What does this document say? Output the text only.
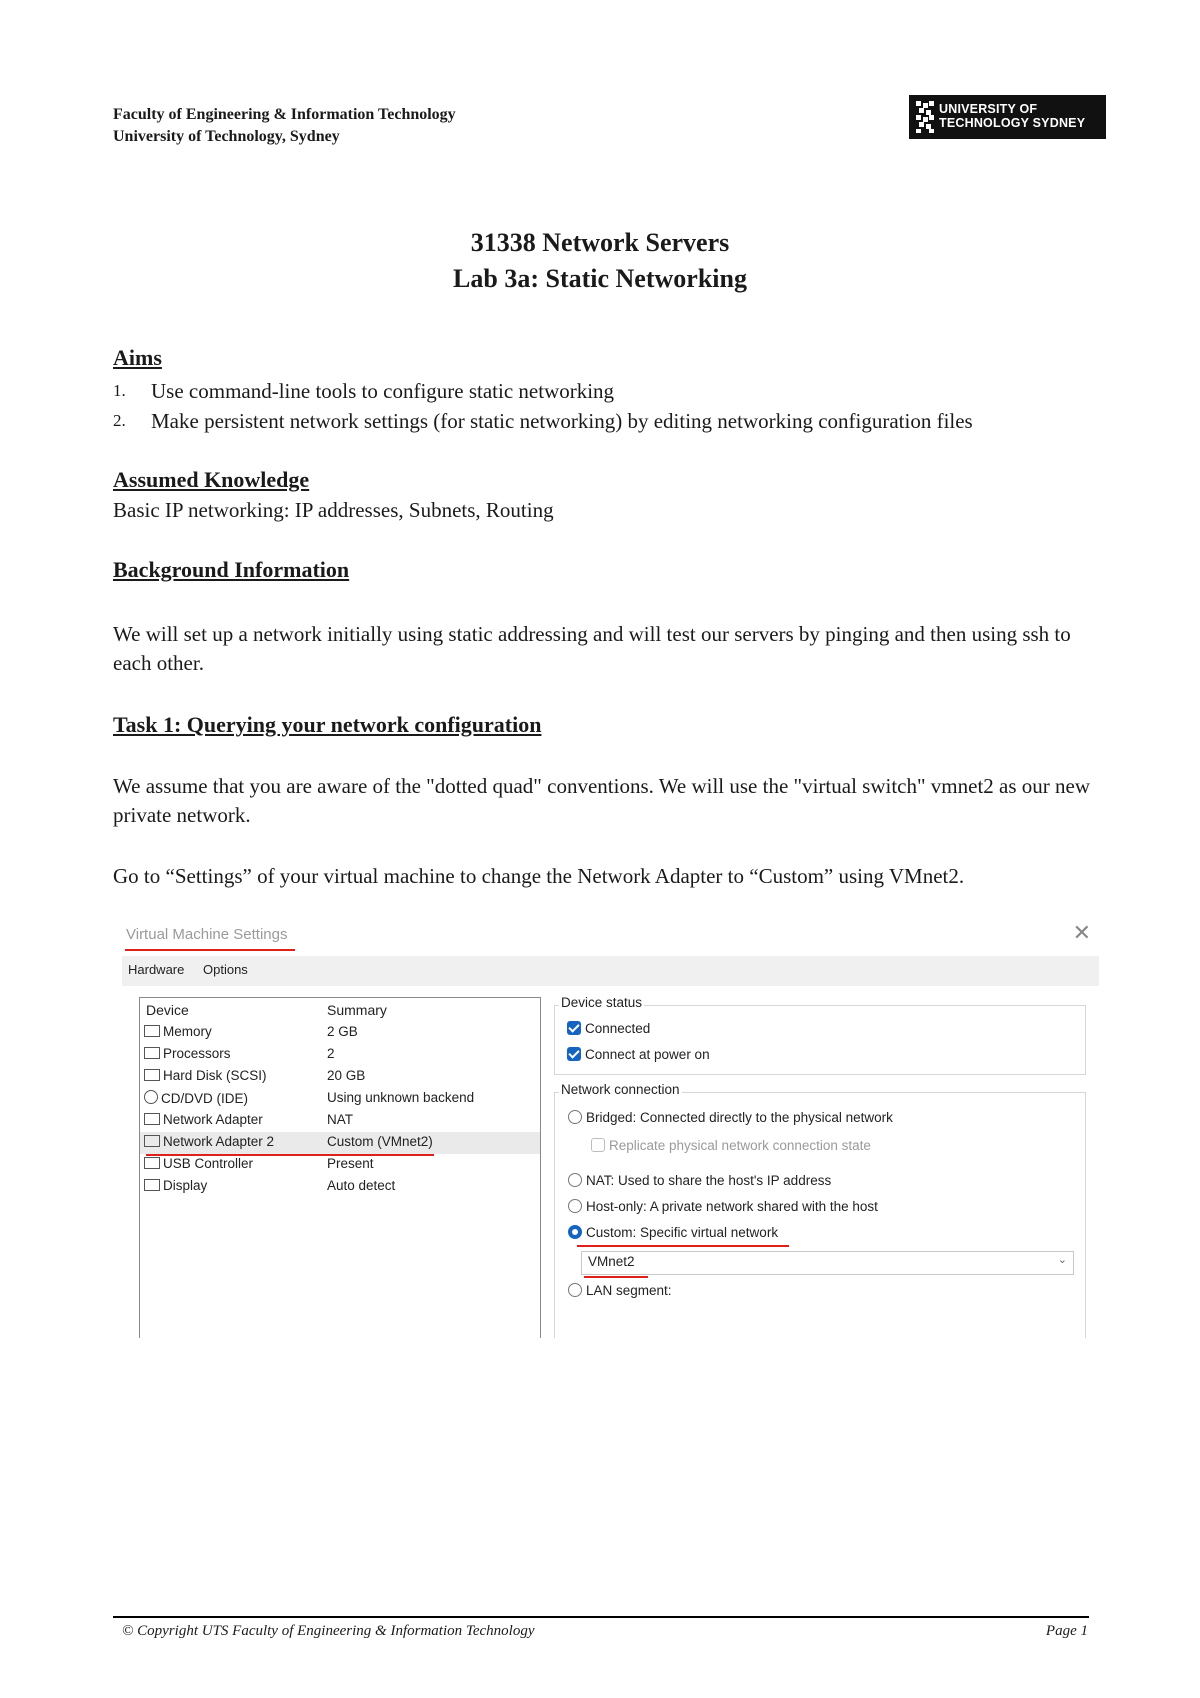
Faculty of Engineering & Information Technology
University of Technology, Sydney
UNIVERSITY OF
TECHNOLOGY SYDNEY
31338 Network Servers
Lab 3a: Static Networking
Aims
1. Use command-line tools to configure static networking
2. Make persistent network settings (for static networking) by editing networking configuration files
Assumed Knowledge
Basic IP networking: IP addresses, Subnets, Routing
Background Information
We will set up a network initially using static addressing and will test our servers by pinging and then using ssh to each other.
Task 1: Querying your network configuration
We assume that you are aware of the "dotted quad" conventions. We will use the "virtual switch" vmnet2 as our new private network.
Go to “Settings” of your virtual machine to change the Network Adapter to “Custom” using VMnet2.
Virtual Machine Settings	✕
Hardware Options
Device	Summary
Memory	2 GB
Processors	2
Hard Disk (SCSI)	20 GB
CD/DVD (IDE)	Using unknown backend
Network Adapter	NAT
Network Adapter 2	Custom (VMnet2)
USB Controller	Present
Display	Auto detect
Device status
Connected
Connect at power on
Network connection
Bridged: Connected directly to the physical network
Replicate physical network connection state
NAT: Used to share the host's IP address
Host-only: A private network shared with the host
Custom: Specific virtual network
VMnet2	⌄
LAN segment:
© Copyright UTS Faculty of Engineering & Information Technology	Page 1
